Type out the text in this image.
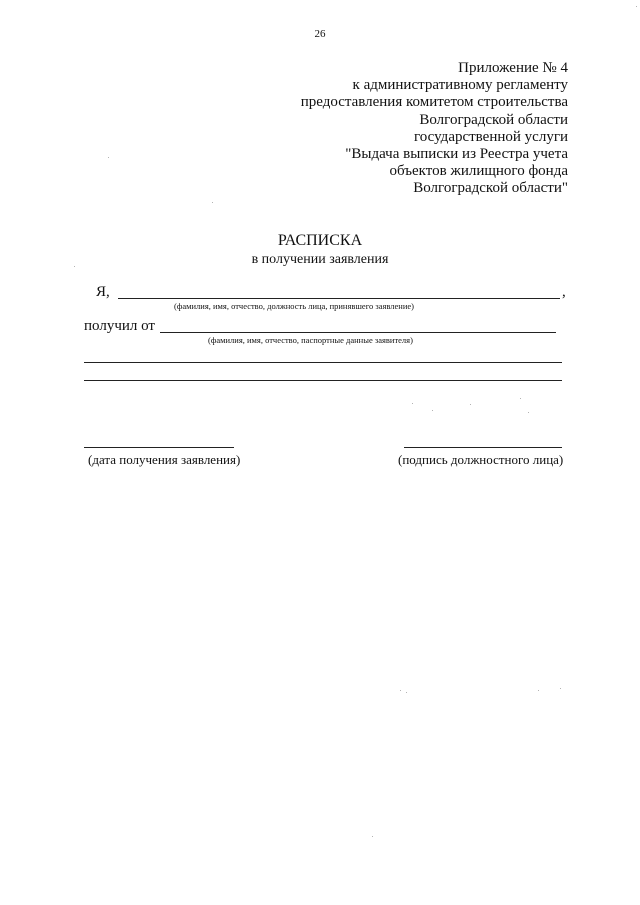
26
Приложение № 4
к административному регламенту
предоставления комитетом строительства
Волгоградской области
государственной услуги
"Выдача выписки из Реестра учета
объектов жилищного фонда
Волгоградской области"
РАСПИСКА
в получении заявления
Я,	,
(фамилия, имя, отчество, должность лица, принявшего заявление)
получил от
(фамилия, имя, отчество, паспортные данные заявителя)
(дата получения заявления)	(подпись должностного лица)
